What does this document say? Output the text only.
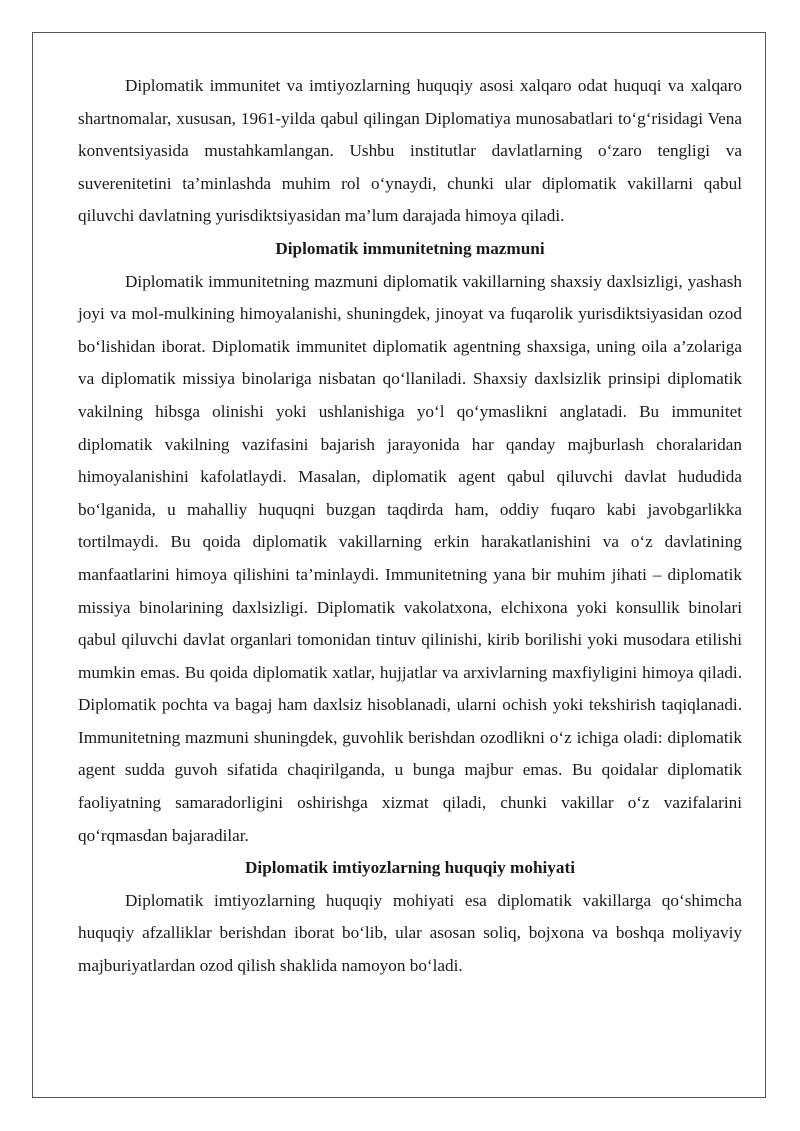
Diplomatik immunitet va imtiyozlarning huquqiy asosi xalqaro odat huquqi va xalqaro shartnomalar, xususan, 1961-yilda qabul qilingan Diplomatiya munosabatlari to‘g‘risidagi Vena konventsiyasida mustahkamlangan. Ushbu institutlar davlatlarning o‘zaro tengligi va suverenitetini ta’minlashda muhim rol o‘ynaydi, chunki ular diplomatik vakillarni qabul qiluvchi davlatning yurisdiktsiyasidan ma’lum darajada himoya qiladi.

Diplomatik immunitetning mazmuni

Diplomatik immunitetning mazmuni diplomatik vakillarning shaxsiy daxlsizligi, yashash joyi va mol-mulkining himoyalanishi, shuningdek, jinoyat va fuqarolik yurisdiktsiyasidan ozod bo‘lishidan iborat. Diplomatik immunitet diplomatik agentning shaxsiga, uning oila a’zolariga va diplomatik missiya binolariga nisbatan qo‘llaniladi. Shaxsiy daxlsizlik prinsipi diplomatik vakilning hibsga olinishi yoki ushlanishiga yo‘l qo‘ymaslikni anglatadi. Bu immunitet diplomatik vakilning vazifasini bajarish jarayonida har qanday majburlash choralaridan himoyalanishini kafolatlaydi. Masalan, diplomatik agent qabul qiluvchi davlat hududida bo‘lganida, u mahalliy huquqni buzgan taqdirda ham, oddiy fuqaro kabi javobgarlikka tortilmaydi. Bu qoida diplomatik vakillarning erkin harakatlanishini va o‘z davlatining manfaatlarini himoya qilishini ta’minlaydi. Immunitetning yana bir muhim jihati – diplomatik missiya binolarining daxlsizligi. Diplomatik vakolatxona, elchixona yoki konsullik binolari qabul qiluvchi davlat organlari tomonidan tintuv qilinishi, kirib borilishi yoki musodara etilishi mumkin emas. Bu qoida diplomatik xatlar, hujjatlar va arxivlarning maxfiyligini himoya qiladi. Diplomatik pochta va bagaj ham daxlsiz hisoblanadi, ularni ochish yoki tekshirish taqiqlanadi. Immunitetning mazmuni shuningdek, guvohlik berishdan ozodlikni o‘z ichiga oladi: diplomatik agent sudda guvoh sifatida chaqirilganda, u bunga majbur emas. Bu qoidalar diplomatik faoliyatning samaradorligini oshirishga xizmat qiladi, chunki vakillar o‘z vazifalarini qo‘rqmasdan bajaradilar.

Diplomatik imtiyozlarning huquqiy mohiyati

Diplomatik imtiyozlarning huquqiy mohiyati esa diplomatik vakillarga qo‘shimcha huquqiy afzalliklar berishdan iborat bo‘lib, ular asosan soliq, bojxona va boshqa moliyaviy majburiyatlardan ozod qilish shaklida namoyon bo‘ladi.
